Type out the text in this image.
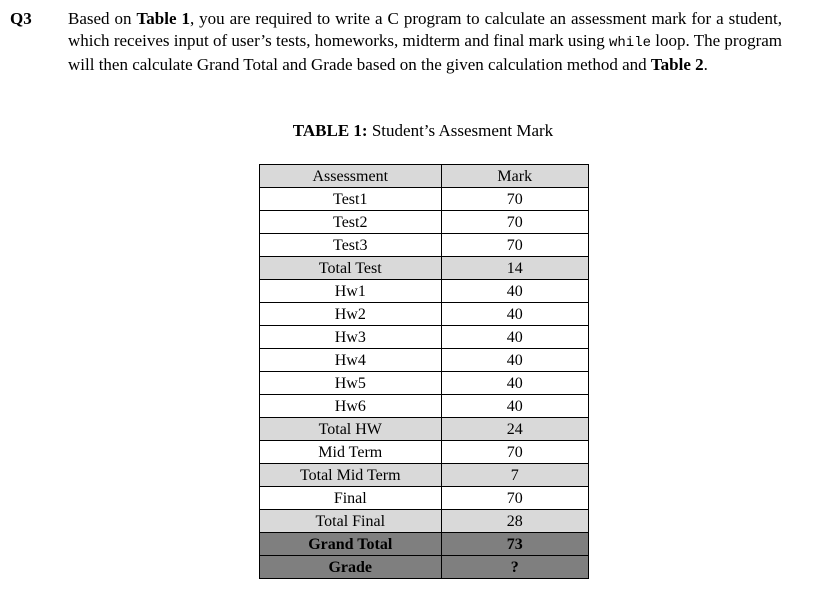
Q3 Based on Table 1, you are required to write a C program to calculate an assessment mark for a student, which receives input of user’s tests, homeworks, midterm and final mark using while loop. The program will then calculate Grand Total and Grade based on the given calculation method and Table 2.
TABLE 1: Student’s Assesment Mark
Assessment	Mark
Test1	70
Test2	70
Test3	70
Total Test	14
Hw1	40
Hw2	40
Hw3	40
Hw4	40
Hw5	40
Hw6	40
Total HW	24
Mid Term	70
Total Mid Term	7
Final	70
Total Final	28
Grand Total	73
Grade	?
